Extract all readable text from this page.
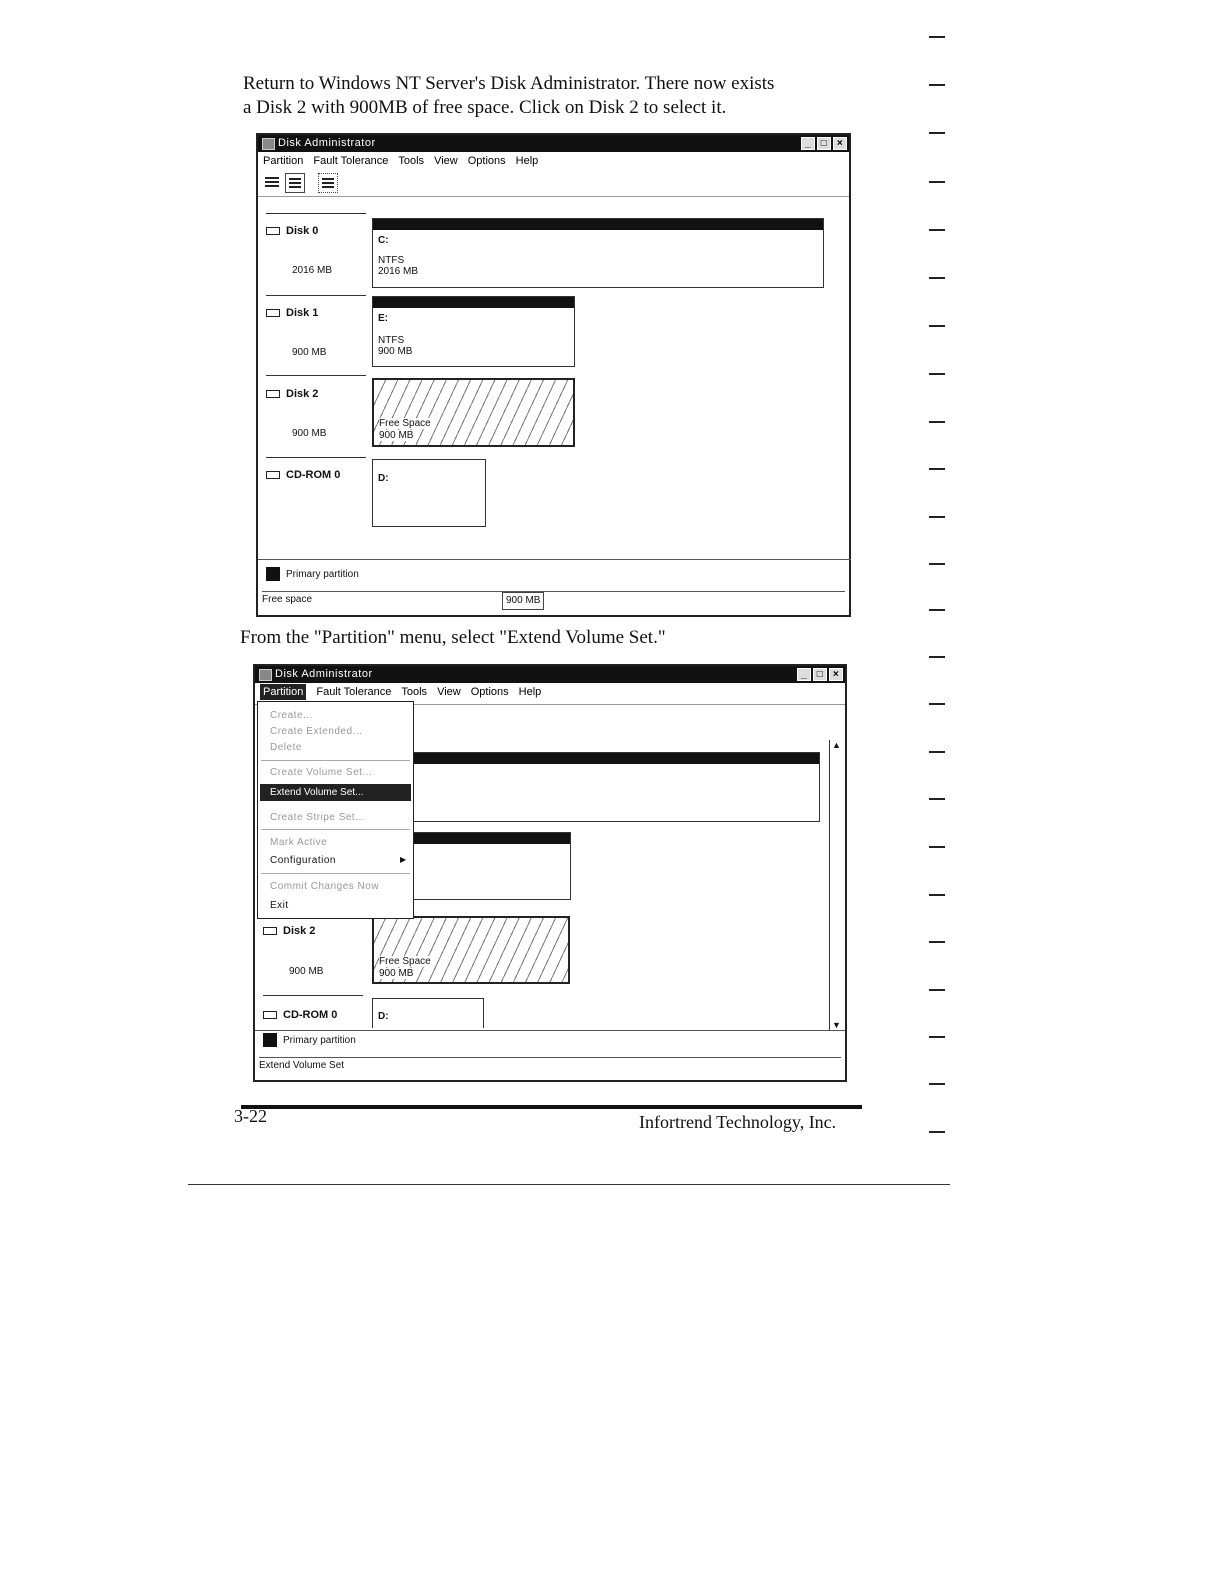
Return to Windows NT Server's Disk Administrator. There now exists
a Disk 2 with 900MB of free space. Click on Disk 2 to select it.
Disk Administrator	_ □ ×
Partition Fault Tolerance Tools View Options Help
Disk 0
2016 MB
C:
NTFS
2016 MB
Disk 1
900 MB
E:
NTFS
900 MB
Disk 2
900 MB
Free Space
900 MB
CD-ROM 0	D:
Primary partition
Free space	900 MB
From the "Partition" menu, select "Extend Volume Set."
Disk Administrator	_ □ ×
Partition Fault Tolerance Tools View Options Help
Disk 2
900 MB
Free Space
900 MB
CD-ROM 0	D:
▲
▼
Primary partition
Extend Volume Set
Create...
Create Extended...
Delete
Create Volume Set...
Extend Volume Set...
Create Stripe Set...
Mark Active
Configuration	▶
Commit Changes Now
Exit
3-22	Infortrend Technology, Inc.
